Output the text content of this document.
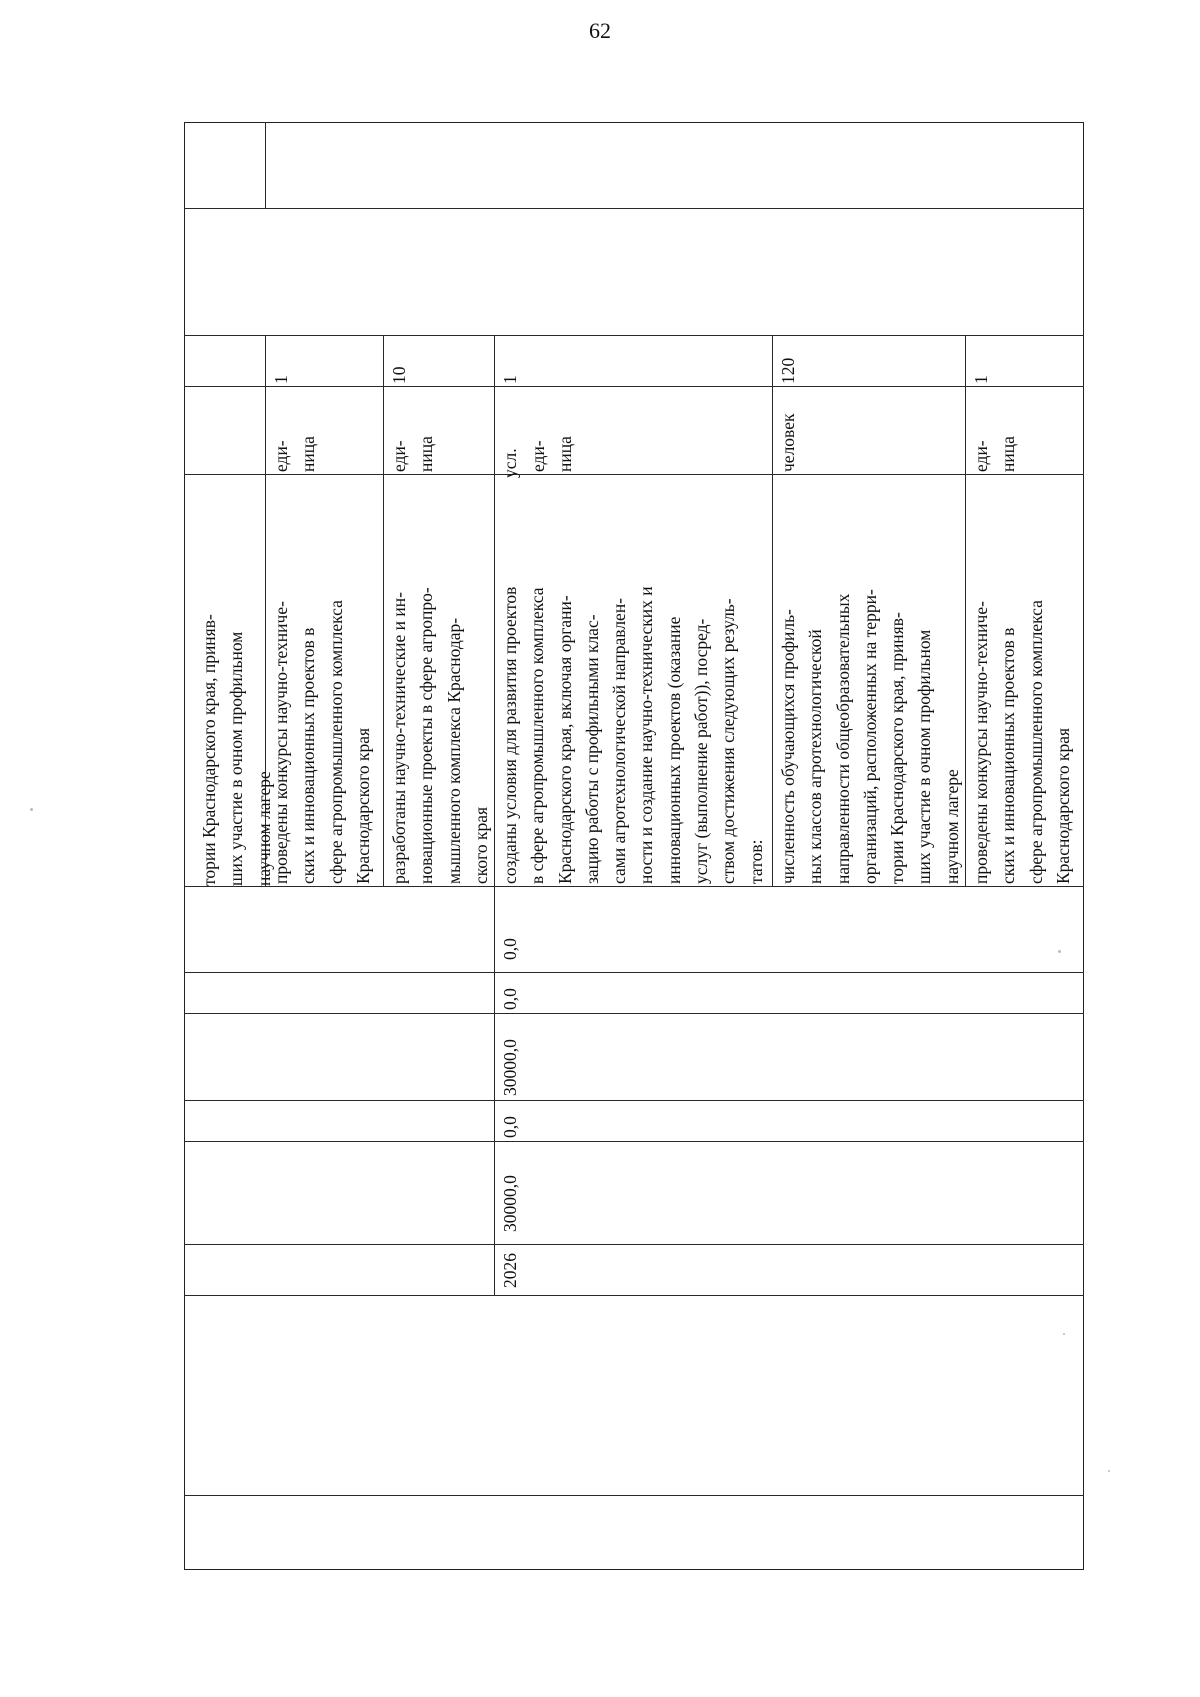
62
тории Краснодарского края, приняв- ших участие в очном профильном научном лагере
проведены конкурсы научно-техниче- ских и инновационных проектов в сфере агропромышленного комплекса Краснодарского края
еди- ница
1
разработаны научно-технические и ин- новационные проекты в сфере агропро- мышленного комплекса Краснодар- ского края
еди- ница
10
2026
30000,0
0,0
30000,0
0,0
0,0
созданы условия для развития проектов в сфере агропромышленного комплекса Краснодарского края, включая органи- зацию работы с профильными клас- сами агротехнологической направлен- ности и создание научно-технических и инновационных проектов (оказание услуг (выполнение работ)), посред- ством достижения следующих резуль- татов:
усл. еди- ница
1
численность обучающихся профиль- ных классов агротехнологической направленности общеобразовательных организаций, расположенных на терри- тории Краснодарского края, приняв- ших участие в очном профильном научном лагере
человек
120
проведены конкурсы научно-техниче- ских и инновационных проектов в сфере агропромышленного комплекса Краснодарского края
еди- ница
1
